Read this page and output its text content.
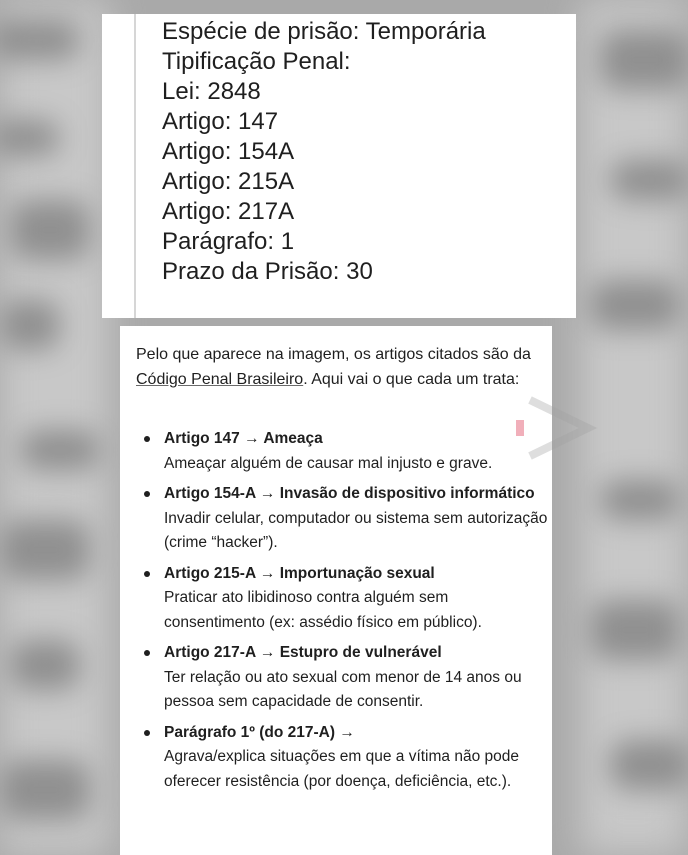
Espécie de prisão: Temporária
Tipificação Penal:
Lei: 2848
Artigo: 147
Artigo: 154A
Artigo: 215A
Artigo: 217A
Parágrafo: 1
Prazo da Prisão: 30
Pelo que aparece na imagem, os artigos citados são da Código Penal Brasileiro. Aqui vai o que cada um trata:
Artigo 147 → Ameaça
Ameaçar alguém de causar mal injusto e grave.
Artigo 154-A → Invasão de dispositivo informático
Invadir celular, computador ou sistema sem autorização (crime “hacker”).
Artigo 215-A → Importunação sexual
Praticar ato libidinoso contra alguém sem consentimento (ex: assédio físico em público).
Artigo 217-A → Estupro de vulnerável
Ter relação ou ato sexual com menor de 14 anos ou pessoa sem capacidade de consentir.
Parágrafo 1º (do 217-A) →
Agrava/explica situações em que a vítima não pode oferecer resistência (por doença, deficiência, etc.).
